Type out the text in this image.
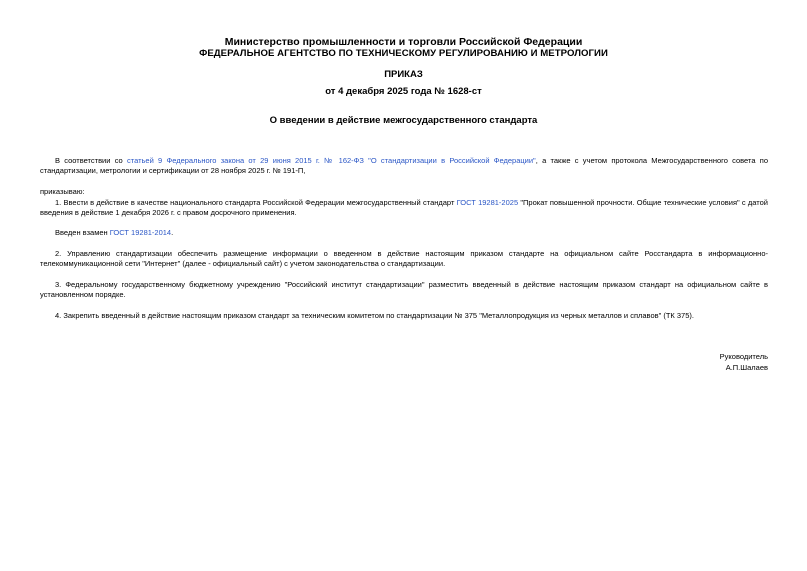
Министерство промышленности и торговли Российской Федерации
ФЕДЕРАЛЬНОЕ АГЕНТСТВО ПО ТЕХНИЧЕСКОМУ РЕГУЛИРОВАНИЮ И МЕТРОЛОГИИ
ПРИКАЗ
от 4 декабря 2025 года № 1628-ст
О введении в действие межгосударственного стандарта
В соответствии со статьей 9 Федерального закона от 29 июня 2015 г. № 162-ФЗ "О стандартизации в Российской Федерации", а также с учетом протокола Межгосударственного совета по стандартизации, метрологии и сертификации от 28 ноября 2025 г. № 191-П,
приказываю:
1. Ввести в действие в качестве национального стандарта Российской Федерации межгосударственный стандарт ГОСТ 19281-2025 "Прокат повышенной прочности. Общие технические условия" с датой введения в действие 1 декабря 2026 г. с правом досрочного применения.
Введен взамен ГОСТ 19281-2014.
2. Управлению стандартизации обеспечить размещение информации о введенном в действие настоящим приказом стандарте на официальном сайте Росстандарта в информационно-телекоммуникационной сети "Интернет" (далее - официальный сайт) с учетом законодательства о стандартизации.
3. Федеральному государственному бюджетному учреждению "Российский институт стандартизации" разместить введенный в действие настоящим приказом стандарт на официальном сайте в установленном порядке.
4. Закрепить введенный в действие настоящим приказом стандарт за техническим комитетом по стандартизации № 375 "Металлопродукция из черных металлов и сплавов" (ТК 375).
Руководитель
А.П.Шалаев
